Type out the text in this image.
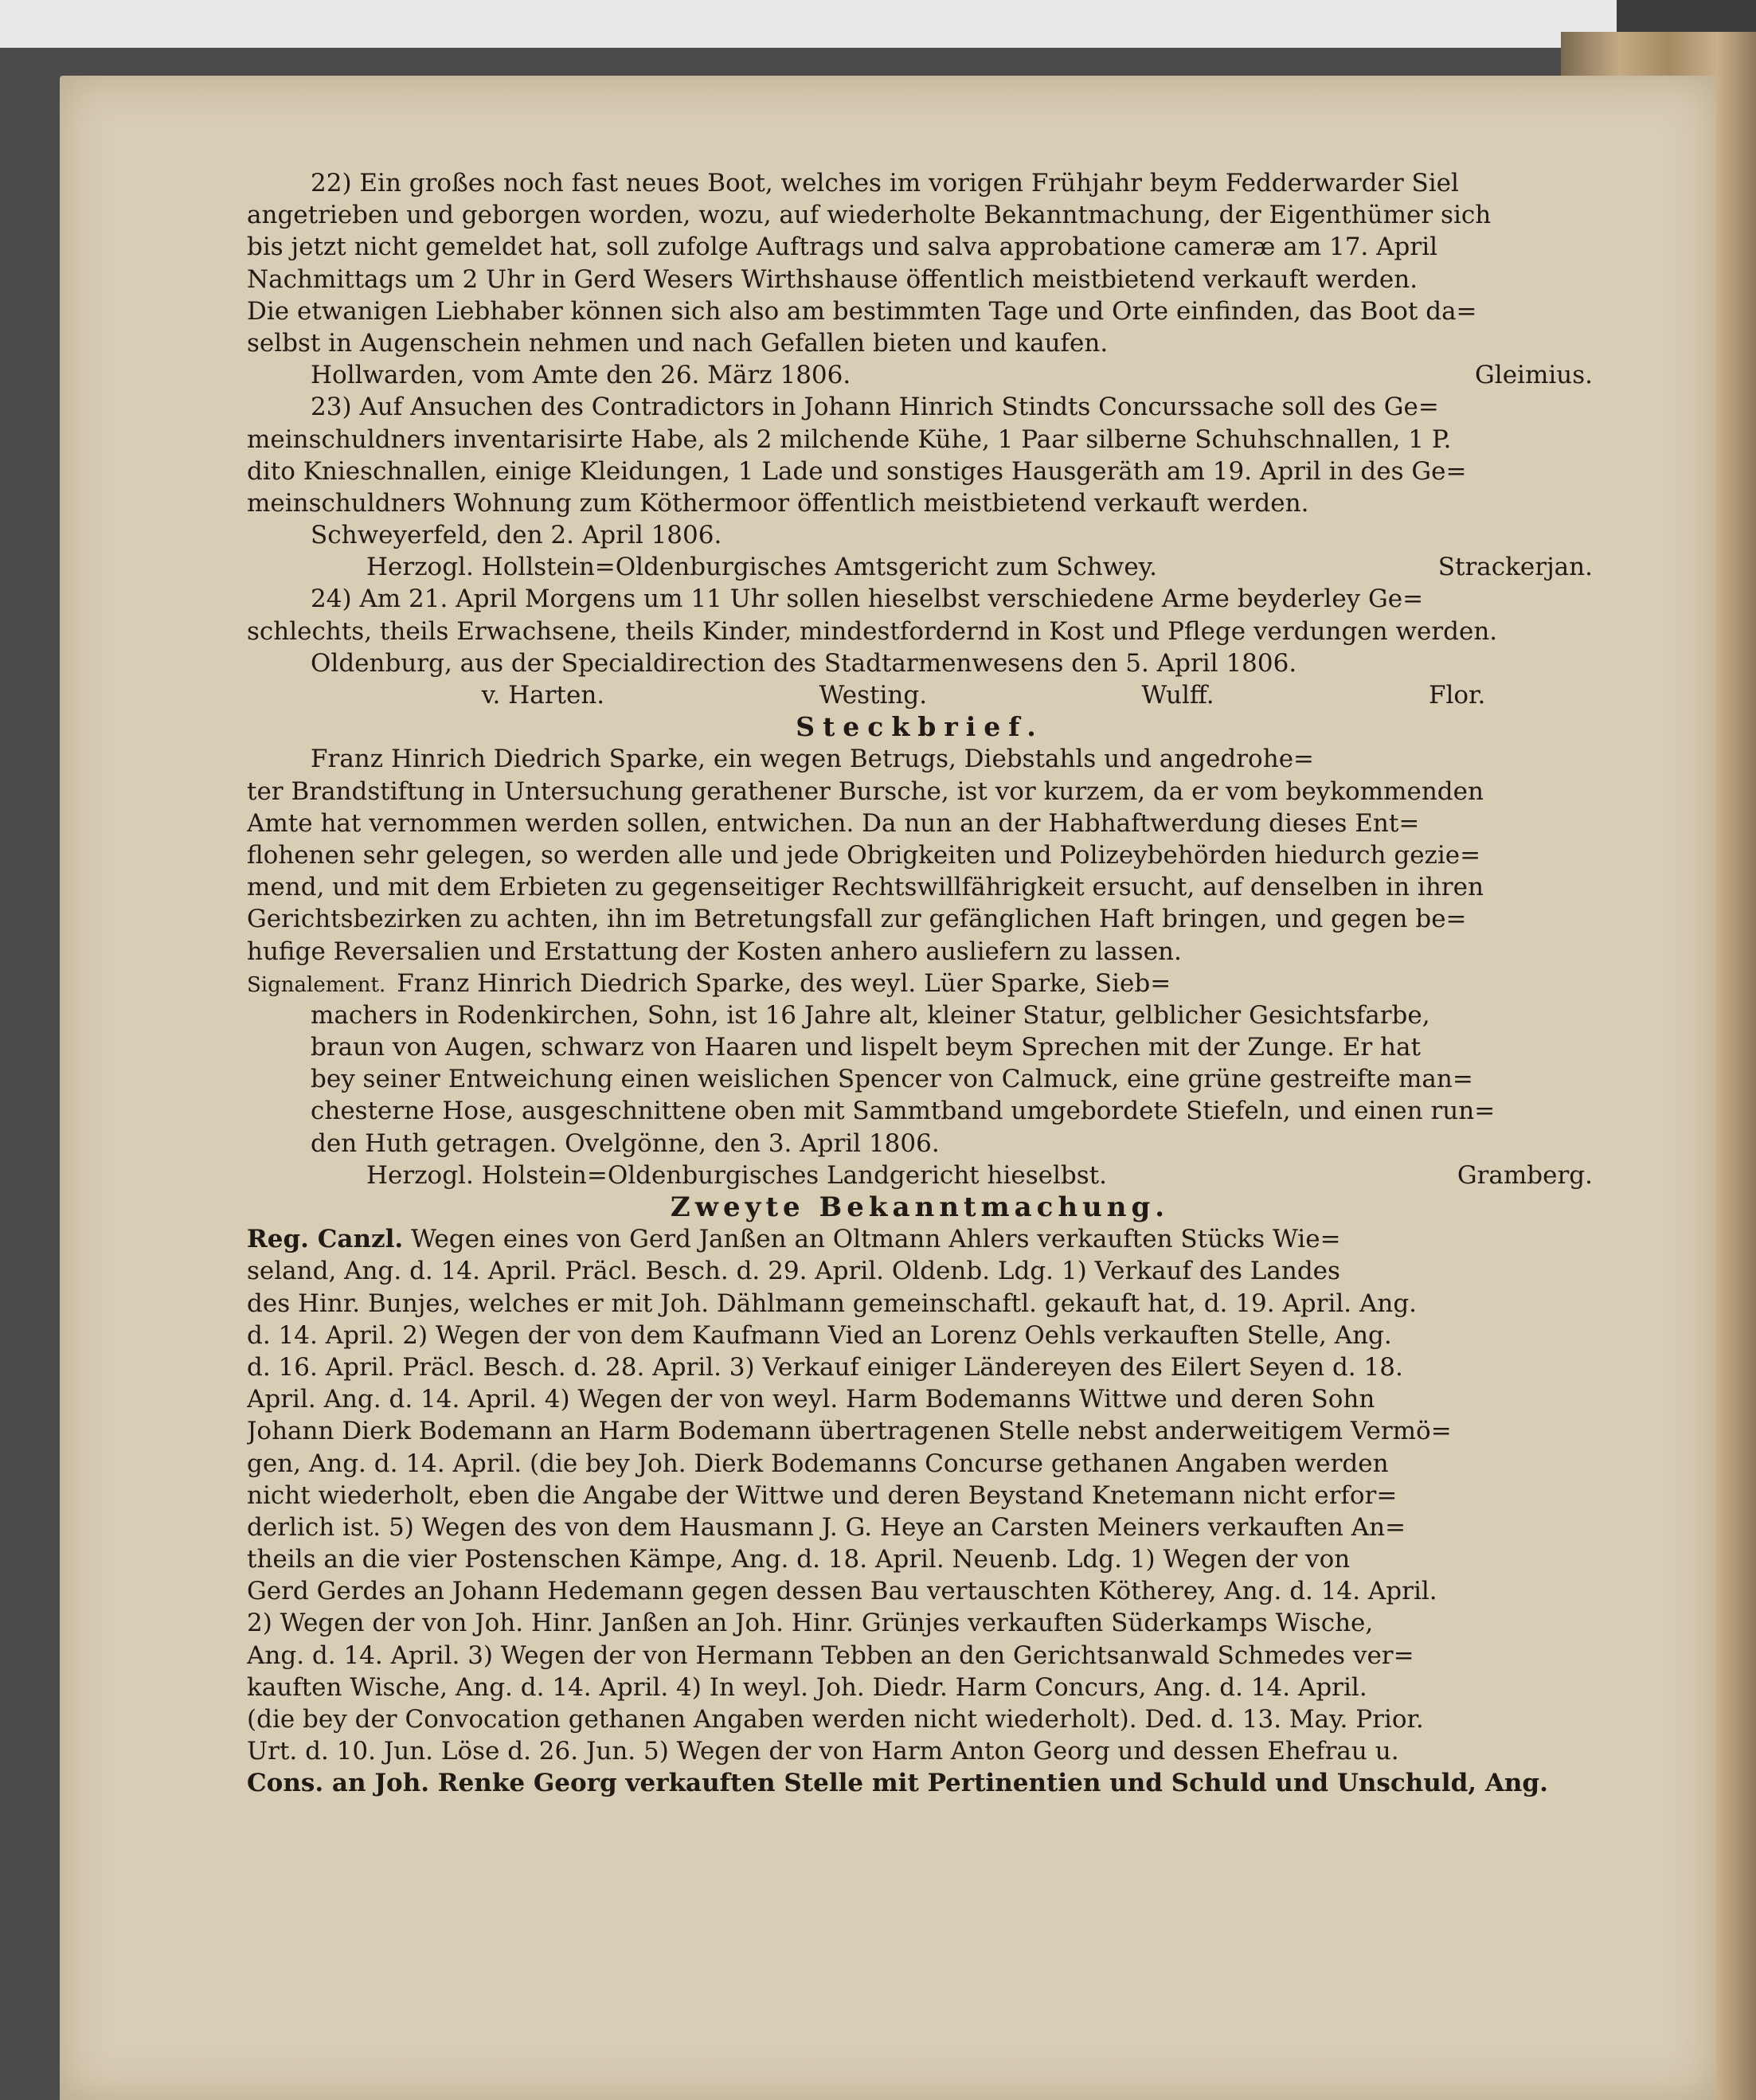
22) Ein großes noch fast neues Boot, welches im vorigen Frühjahr beym Fedderwarder Siel
angetrieben und geborgen worden, wozu, auf wiederholte Bekanntmachung, der Eigenthümer sich
bis jetzt nicht gemeldet hat, soll zufolge Auftrags und salva approbatione cameræ am 17. April
Nachmittags um 2 Uhr in Gerd Wesers Wirthshause öffentlich meistbietend verkauft werden.
Die etwanigen Liebhaber können sich also am bestimmten Tage und Orte einfinden, das Boot da=
selbst in Augenschein nehmen und nach Gefallen bieten und kaufen.
Hollwarden, vom Amte den 26. März 1806.	Gleimius.
23) Auf Ansuchen des Contradictors in Johann Hinrich Stindts Concurssache soll des Ge=
meinschuldners inventarisirte Habe, als 2 milchende Kühe, 1 Paar silberne Schuhschnallen, 1 P.
dito Knieschnallen, einige Kleidungen, 1 Lade und sonstiges Hausgeräth am 19. April in des Ge=
meinschuldners Wohnung zum Köthermoor öffentlich meistbietend verkauft werden.
Schweyerfeld, den 2. April 1806.
Herzogl. Hollstein=Oldenburgisches Amtsgericht zum Schwey.	Strackerjan.
24) Am 21. April Morgens um 11 Uhr sollen hieselbst verschiedene Arme beyderley Ge=
schlechts, theils Erwachsene, theils Kinder, mindestfordernd in Kost und Pflege verdungen werden.
Oldenburg, aus der Specialdirection des Stadtarmenwesens den 5. April 1806.
v. Harten.	Westing.	Wulff.	Flor.
Steckbrief.
Franz Hinrich Diedrich Sparke, ein wegen Betrugs, Diebstahls und angedrohe=
ter Brandstiftung in Untersuchung gerathener Bursche, ist vor kurzem, da er vom beykommenden
Amte hat vernommen werden sollen, entwichen. Da nun an der Habhaftwerdung dieses Ent=
flohenen sehr gelegen, so werden alle und jede Obrigkeiten und Polizeybehörden hiedurch gezie=
mend, und mit dem Erbieten zu gegenseitiger Rechtswillfährigkeit ersucht, auf denselben in ihren
Gerichtsbezirken zu achten, ihn im Betretungsfall zur gefänglichen Haft bringen, und gegen be=
hufige Reversalien und Erstattung der Kosten anhero ausliefern zu lassen.
Signalement. Franz Hinrich Diedrich Sparke, des weyl. Lüer Sparke, Sieb=
machers in Rodenkirchen, Sohn, ist 16 Jahre alt, kleiner Statur, gelblicher Gesichtsfarbe,
braun von Augen, schwarz von Haaren und lispelt beym Sprechen mit der Zunge. Er hat
bey seiner Entweichung einen weislichen Spencer von Calmuck, eine grüne gestreifte man=
chesterne Hose, ausgeschnittene oben mit Sammtband umgebordete Stiefeln, und einen run=
den Huth getragen. Ovelgönne, den 3. April 1806.
Herzogl. Holstein=Oldenburgisches Landgericht hieselbst.	Gramberg.
Zweyte Bekanntmachung.
Reg. Canzl. Wegen eines von Gerd Janßen an Oltmann Ahlers verkauften Stücks Wie=
seland, Ang. d. 14. April. Präcl. Besch. d. 29. April. Oldenb. Ldg. 1) Verkauf des Landes
des Hinr. Bunjes, welches er mit Joh. Dählmann gemeinschaftl. gekauft hat, d. 19. April. Ang.
d. 14. April. 2) Wegen der von dem Kaufmann Vied an Lorenz Oehls verkauften Stelle, Ang.
d. 16. April. Präcl. Besch. d. 28. April. 3) Verkauf einiger Ländereyen des Eilert Seyen d. 18.
April. Ang. d. 14. April. 4) Wegen der von weyl. Harm Bodemanns Wittwe und deren Sohn
Johann Dierk Bodemann an Harm Bodemann übertragenen Stelle nebst anderweitigem Vermö=
gen, Ang. d. 14. April. (die bey Joh. Dierk Bodemanns Concurse gethanen Angaben werden
nicht wiederholt, eben die Angabe der Wittwe und deren Beystand Knetemann nicht erfor=
derlich ist. 5) Wegen des von dem Hausmann J. G. Heye an Carsten Meiners verkauften An=
theils an die vier Postenschen Kämpe, Ang. d. 18. April. Neuenb. Ldg. 1) Wegen der von
Gerd Gerdes an Johann Hedemann gegen dessen Bau vertauschten Kötherey, Ang. d. 14. April.
2) Wegen der von Joh. Hinr. Janßen an Joh. Hinr. Grünjes verkauften Süderkamps Wische,
Ang. d. 14. April. 3) Wegen der von Hermann Tebben an den Gerichtsanwald Schmedes ver=
kauften Wische, Ang. d. 14. April. 4) In weyl. Joh. Diedr. Harm Concurs, Ang. d. 14. April.
(die bey der Convocation gethanen Angaben werden nicht wiederholt). Ded. d. 13. May. Prior.
Urt. d. 10. Jun. Löse d. 26. Jun. 5) Wegen der von Harm Anton Georg und dessen Ehefrau u.
Cons. an Joh. Renke Georg verkauften Stelle mit Pertinentien und Schuld und Unschuld, Ang.
